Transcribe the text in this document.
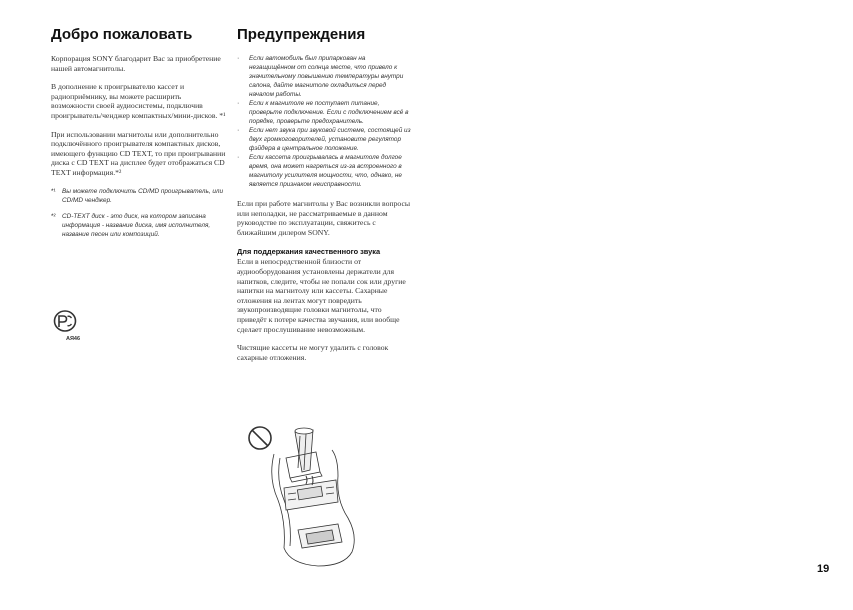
Добро пожаловать

Корпорация SONY благодарит Вас за приобретение нашей автомагнитолы.

В дополнение к проигрывателю кассет и радиоприёмнику, вы можете расширить возможности своей аудиосистемы, подключив проигрыватель/ченджер компактных/мини-дисков. *¹

При использовании магнитолы или дополнительно подключённого проигрывателя компактных дисков, имеющего функцию CD TEXT, то при проигрывании диска с CD TEXT на дисплее будет отображаться CD TEXT информация.*²

*¹ Вы можете подключить CD/MD проигрыватель, или CD/MD ченджер.
*² CD-TEXT диск - это диск, на котором записана информация - название диска, имя исполнителя, название песен или композиций.
АЯ46
Предупреждения
·	Если автомобиль был припаркован на незащищённом от солнца месте, что привело к значительному повышению температуры внутри салона, дайте магнитоле охладиться перед началом работы.
·	Если к магнитоле не поступает питание, проверьте подключение. Если с подключением всё в порядке, проверьте предохранитель.
·	Если нет звука при звуковой системе, состоящей из двух громкоговорителей, установите регулятор фэйдера в центральное положение.
·	Если кассета проигрывалась в магнитоле долгое время, она может нагреться из-за встроенного в магнитолу усилителя мощности, что, однако, не является признаком неисправности.

Если при работе магнитолы у Вас возникли вопросы или неполадки, не рассматриваемые в данном руководстве по эксплуатации, свяжитесь с ближайшим дилером SONY.

Для поддержания качественного звука

Если в непосредственной близости от аудиооборудования установлены держатели для напитков, следите, чтобы не попали сок или другие напитки на магнитолу или кассеты. Сахарные отложения на лентах могут повредить звукопроизводящие головки магнитолы, что приведёт к потере качества звучания, или вообще сделает прослушивание невозможным.

Чистящие кассеты не могут удалить с головок сахарные отложения.

19
